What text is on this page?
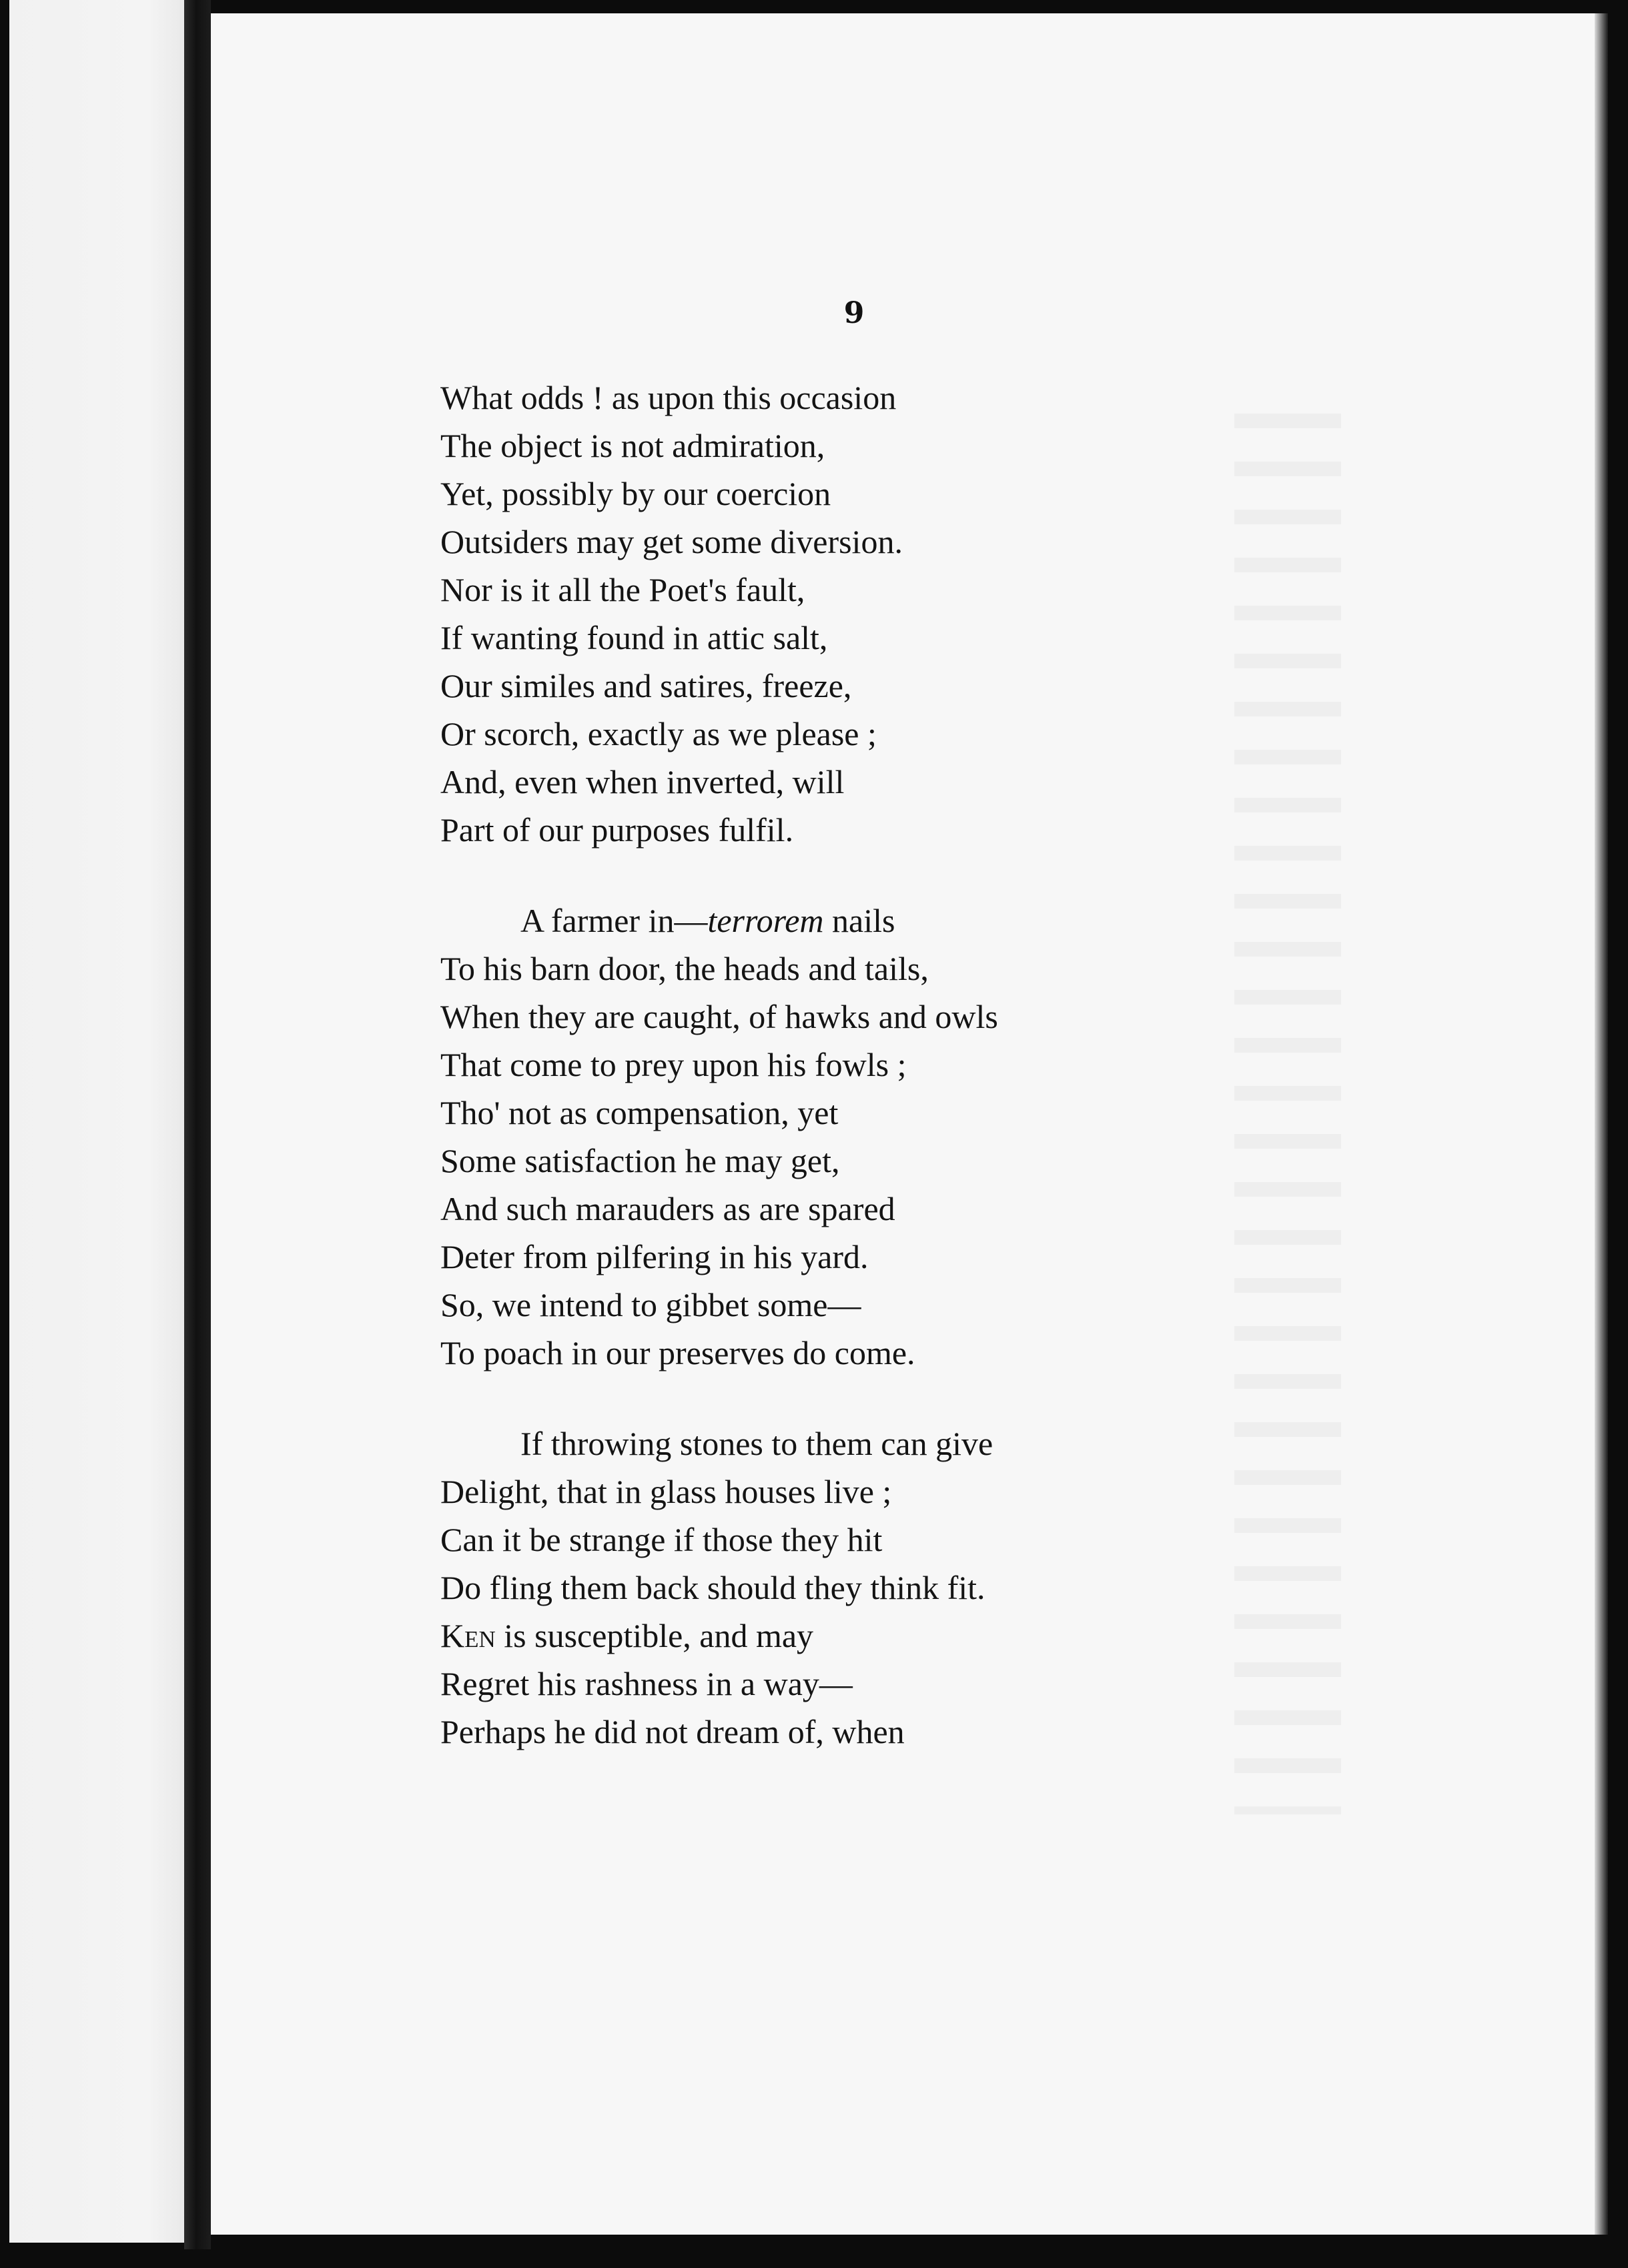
9
What odds ! as upon this occasion
The object is not admiration,
Yet, possibly by our coercion
Outsiders may get some diversion.
Nor is it all the Poet's fault,
If wanting found in attic salt,
Our similes and satires, freeze,
Or scorch, exactly as we please ;
And, even when inverted, will
Part of our purposes fulfil.
A farmer in—terrorem nails
To his barn door, the heads and tails,
When they are caught, of hawks and owls
That come to prey upon his fowls ;
Tho' not as compensation, yet
Some satisfaction he may get,
And such marauders as are spared
Deter from pilfering in his yard.
So, we intend to gibbet some—
To poach in our preserves do come.
If throwing stones to them can give
Delight, that in glass houses live ;
Can it be strange if those they hit
Do fling them back should they think fit.
Ken is susceptible, and may
Regret his rashness in a way—
Perhaps he did not dream of, when
